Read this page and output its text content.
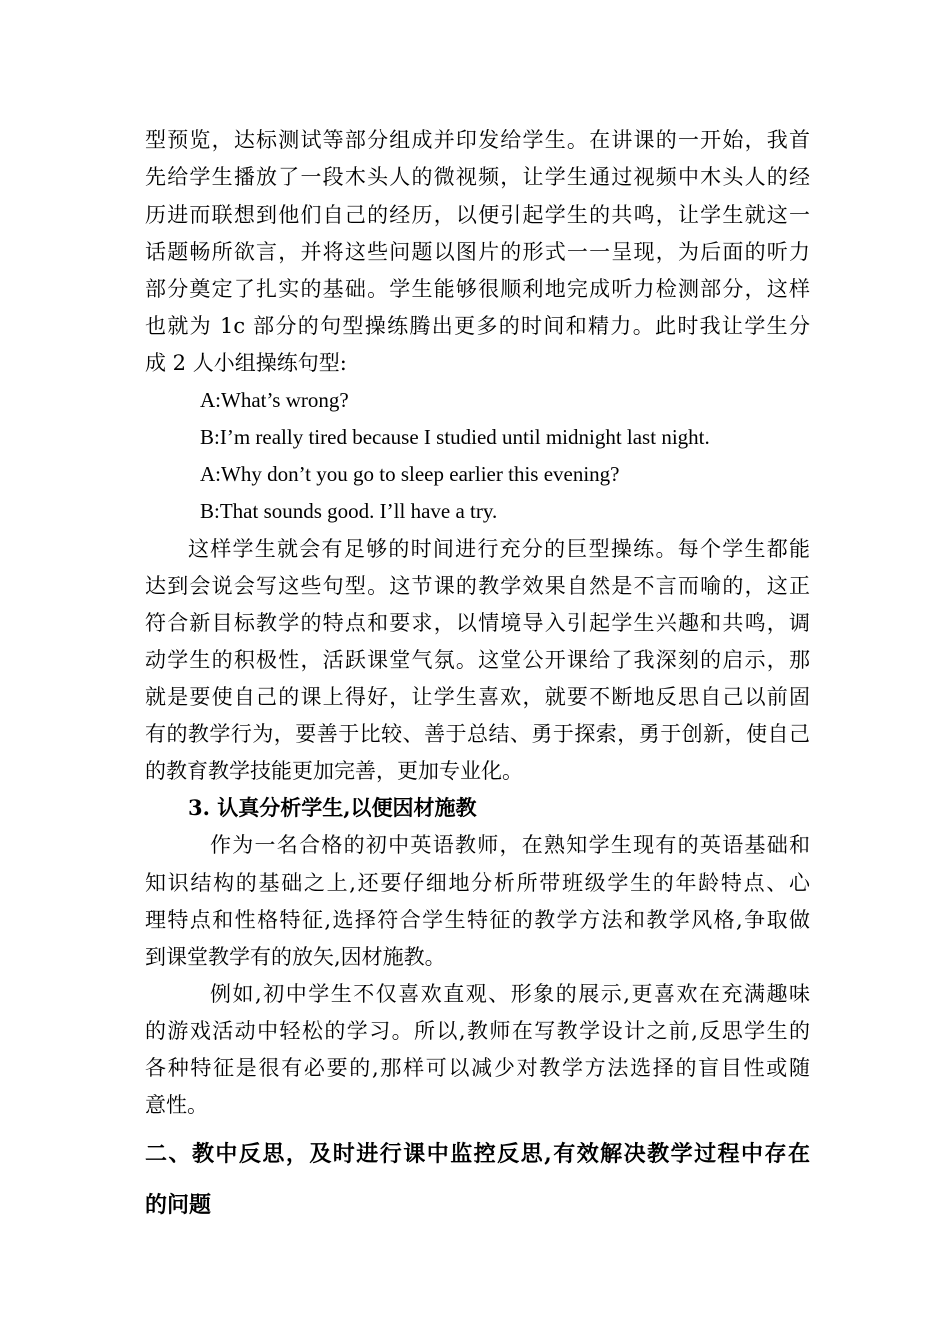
型预览，达标测试等部分组成并印发给学生。在讲课的一开始，我首
先给学生播放了一段木头人的微视频，让学生通过视频中木头人的经
历进而联想到他们自己的经历，以便引起学生的共鸣，让学生就这一
话题畅所欲言，并将这些问题以图片的形式一一呈现，为后面的听力
部分奠定了扎实的基础。学生能够很顺利地完成听力检测部分，这样
也就为 1c 部分的句型操练腾出更多的时间和精力。此时我让学生分
成 2 人小组操练句型:
A:What’s wrong?
B:I’m really tired because I studied until midnight last night.
A:Why don’t you go to sleep earlier this evening?
B:That sounds good. I’ll have a try.
这样学生就会有足够的时间进行充分的巨型操练。每个学生都能
达到会说会写这些句型。这节课的教学效果自然是不言而喻的，这正
符合新目标教学的特点和要求，以情境导入引起学生兴趣和共鸣，调
动学生的积极性，活跃课堂气氛。这堂公开课给了我深刻的启示，那
就是要使自己的课上得好，让学生喜欢，就要不断地反思自己以前固
有的教学行为，要善于比较、善于总结、勇于探索，勇于创新，使自己
的教育教学技能更加完善，更加专业化。
3. 认真分析学生,以便因材施教
作为一名合格的初中英语教师，在熟知学生现有的英语基础和
知识结构的基础之上,还要仔细地分析所带班级学生的年龄特点、心
理特点和性格特征,选择符合学生特征的教学方法和教学风格,争取做
到课堂教学有的放矢,因材施教。
例如,初中学生不仅喜欢直观、形象的展示,更喜欢在充满趣味
的游戏活动中轻松的学习。所以,教师在写教学设计之前,反思学生的
各种特征是很有必要的,那样可以减少对教学方法选择的盲目性或随
意性。
二、教中反思，及时进行课中监控反思,有效解决教学过程中存在
的问题
